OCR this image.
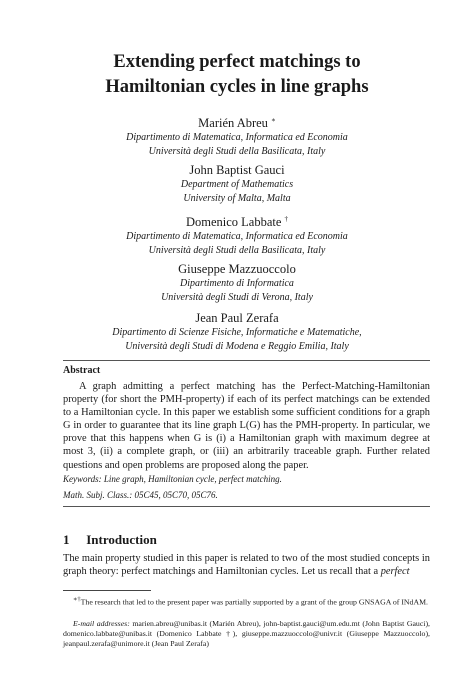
Extending perfect matchings to
Hamiltonian cycles in line graphs
Marién Abreu ∗
Dipartimento di Matematica, Informatica ed Economia
Università degli Studi della Basilicata, Italy
John Baptist Gauci
Department of Mathematics
University of Malta, Malta
Domenico Labbate †
Dipartimento di Matematica, Informatica ed Economia
Università degli Studi della Basilicata, Italy
Giuseppe Mazzuoccolo
Dipartimento di Informatica
Università degli Studi di Verona, Italy
Jean Paul Zerafa
Dipartimento di Scienze Fisiche, Informatiche e Matematiche,
Università degli Studi di Modena e Reggio Emilia, Italy
Abstract

A graph admitting a perfect matching has the Perfect-Matching-Hamiltonian property (for short the PMH-property) if each of its perfect matchings can be extended to a Hamiltonian cycle. In this paper we establish some sufficient conditions for a graph G in order to guarantee that its line graph L(G) has the PMH-property. In particular, we prove that this happens when G is (i) a Hamiltonian graph with maximum degree at most 3, (ii) a complete graph, or (iii) an arbitrarily traceable graph. Further related questions and open problems are proposed along the paper.

Keywords: Line graph, Hamiltonian cycle, perfect matching.
Math. Subj. Class.: 05C45, 05C70, 05C76.
1 Introduction
The main property studied in this paper is related to two of the most studied concepts in graph theory: perfect matchings and Hamiltonian cycles. Let us recall that a perfect
∗†The research that led to the present paper was partially supported by a grant of the group GNSAGA of INdAM.
E-mail addresses: marien.abreu@unibas.it (Marién Abreu), john-baptist.gauci@um.edu.mt (John Baptist Gauci), domenico.labbate@unibas.it (Domenico Labbate †), giuseppe.mazzuoccolo@univr.it (Giuseppe Mazzuoccolo), jeanpaul.zerafa@unimore.it (Jean Paul Zerafa)
